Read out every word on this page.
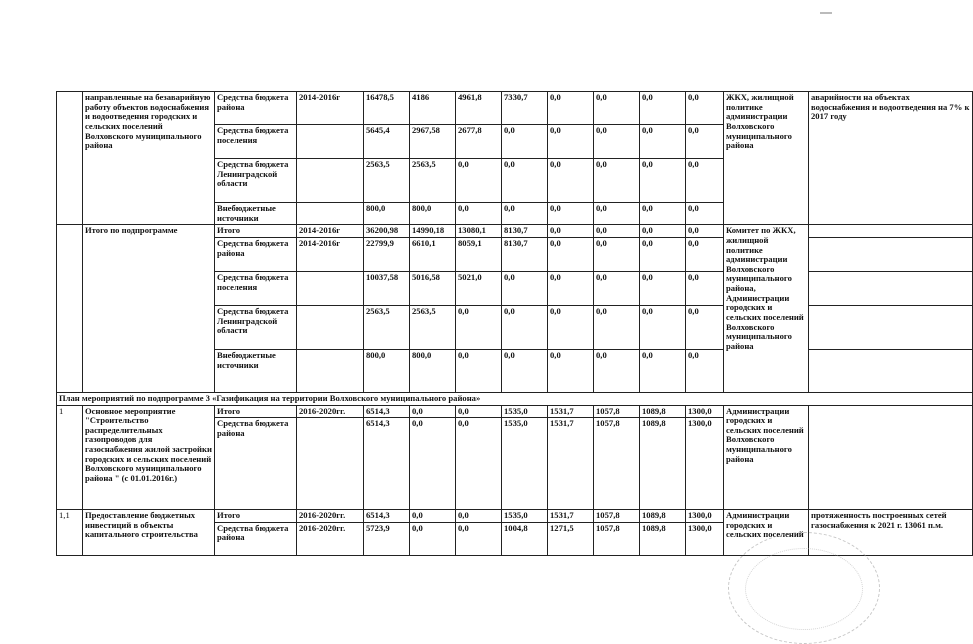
	направленные на безаварийную работу объектов водоснабжения и водоотведения городских и сельских поселений Волховского муниципального района	Средства бюджета района	2014-2016г	16478,5	4186	4961,8	7330,7	0,0	0,0	0,0	0,0	ЖКХ, жилищной политике администрации Волховского муниципального района	аварийности на объектах водоснабжения и водоотведения на 7% к 2017 году
		Средства бюджета поселения		5645,4	2967,58	2677,8	0,0	0,0	0,0	0,0	0,0		
		Средства бюджета Ленинградской области		2563,5	2563,5	0,0	0,0	0,0	0,0	0,0	0,0		
		Внебюджетные источники		800,0	800,0	0,0	0,0	0,0	0,0	0,0	0,0		
	Итого по подпрограмме	Итого	2014-2016г	36200,98	14990,18	13080,1	8130,7	0,0	0,0	0,0	0,0	Комитет по ЖКХ, жилищной политике администрации Волховского муниципального района, Администрации городских и сельских поселений Волховского муниципального района	
		Средства бюджета района	2014-2016г	22799,9	6610,1	8059,1	8130,7	0,0	0,0	0,0	0,0		
		Средства бюджета поселения		10037,58	5016,58	5021,0	0,0	0,0	0,0	0,0	0,0		
		Средства бюджета Ленинградской области		2563,5	2563,5	0,0	0,0	0,0	0,0	0,0	0,0		
		Внебюджетные источники		800,0	800,0	0,0	0,0	0,0	0,0	0,0	0,0		
План мероприятий по подпрограмме 3 «Газификация на территории Волховского муниципального района»													
1	Основное мероприятие "Строительство распределительных газопроводов для газоснабжения жилой застройки городских и сельских поселений Волховского муниципального района " (с 01.01.2016г.)	Итого	2016-2020гг.	6514,3	0,0	0,0	1535,0	1531,7	1057,8	1089,8	1300,0	Администрации городских и сельских поселений Волховского муниципального района	
		Средства бюджета района		6514,3	0,0	0,0	1535,0	1531,7	1057,8	1089,8	1300,0		
1,1	Предоставление бюджетных инвестиций в объекты капитального строительства	Итого	2016-2020гг.	6514,3	0,0	0,0	1535,0	1531,7	1057,8	1089,8	1300,0	Администрации городских и сельских поселений	протяженность построенных сетей газоснабжения к 2021 г. 13061 п.м.
		Средства бюджета района	2016-2020гг.	5723,9	0,0	0,0	1004,8	1271,5	1057,8	1089,8	1300,0		
